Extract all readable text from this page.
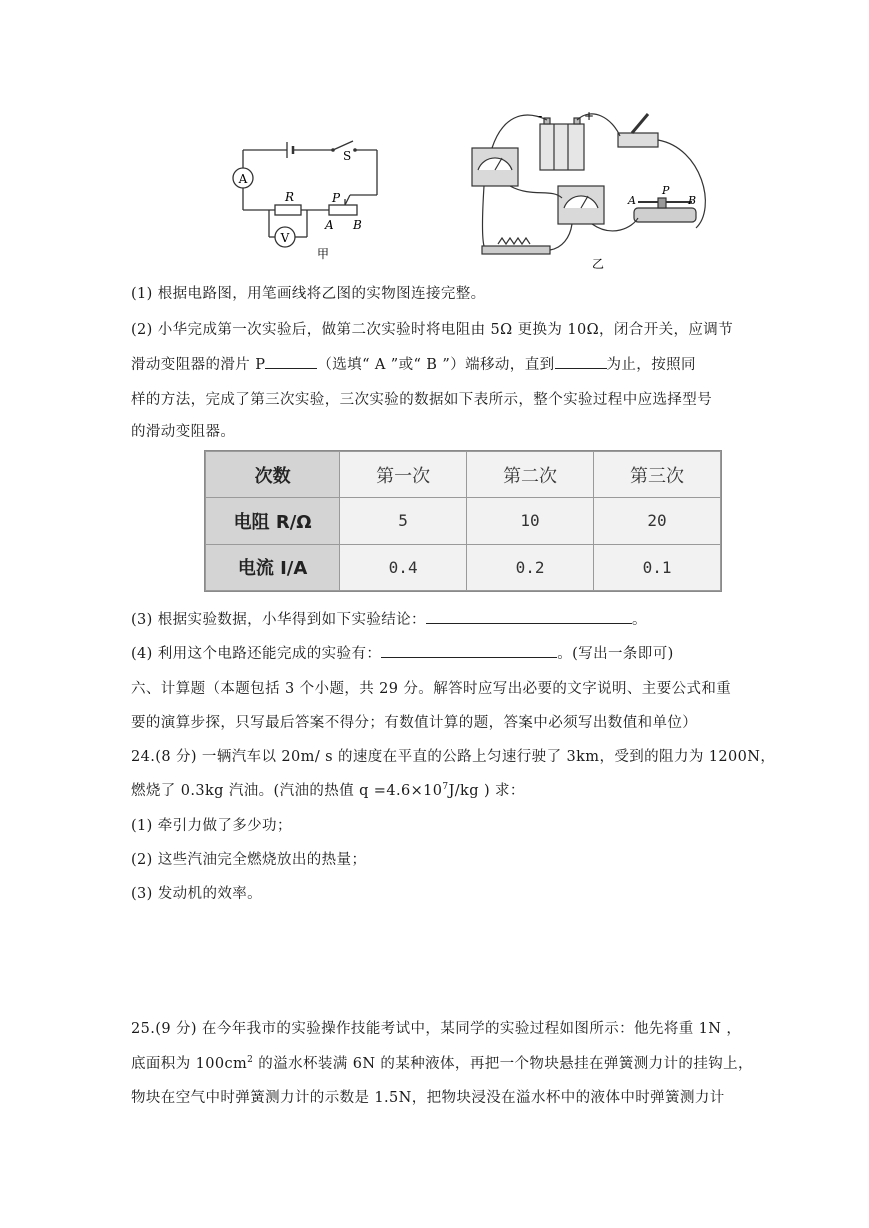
A
S
R	P
A B
V
甲
-	+
A
P
B
乙
(1) 根据电路图，用笔画线将乙图的实物图连接完整。
(2) 小华完成第一次实验后，做第二次实验时将电阻由 5Ω 更换为 10Ω，闭合开关，应调节
滑动变阻器的滑片 P	（选填“ A ”或“ B ”）端移动，直到	为止，按照同
样的方法，完成了第三次实验，三次实验的数据如下表所示，整个实验过程中应选择型号
的滑动变阻器。
次数	第一次	第二次	第三次
电阻 R/Ω	5	10	20
电流 I/A	0.4	0.2	0.1
(3) 根据实验数据，小华得到如下实验结论：	。
(4) 利用这个电路还能完成的实验有：	。(写出一条即可)
六、计算题（本题包括 3 个小题，共 29 分。解答时应写出必要的文字说明、主要公式和重
要的演算步探，只写最后答案不得分；有数值计算的题，答案中必须写出数值和单位）
24.(8 分) 一辆汽车以 20m/ s 的速度在平直的公路上匀速行驶了 3km，受到的阻力为 1200N，
燃烧了 0.3kg 汽油。(汽油的热值 $q =4.6\times 10^7J/kg$ ) 求：
(1) 牵引力做了多少功；
(2) 这些汽油完全燃烧放出的热量；
(3) 发动机的效率。
25.(9 分) 在今年我市的实验操作技能考试中，某同学的实验过程如图所示：他先将重 1N ，
底面积为 $100cm^2$ 的溢水杯装满 6N 的某种液体，再把一个物块悬挂在弹簧测力计的挂钩上，
物块在空气中时弹簧测力计的示数是 1.5N，把物块浸没在溢水杯中的液体中时弹簧测力计
